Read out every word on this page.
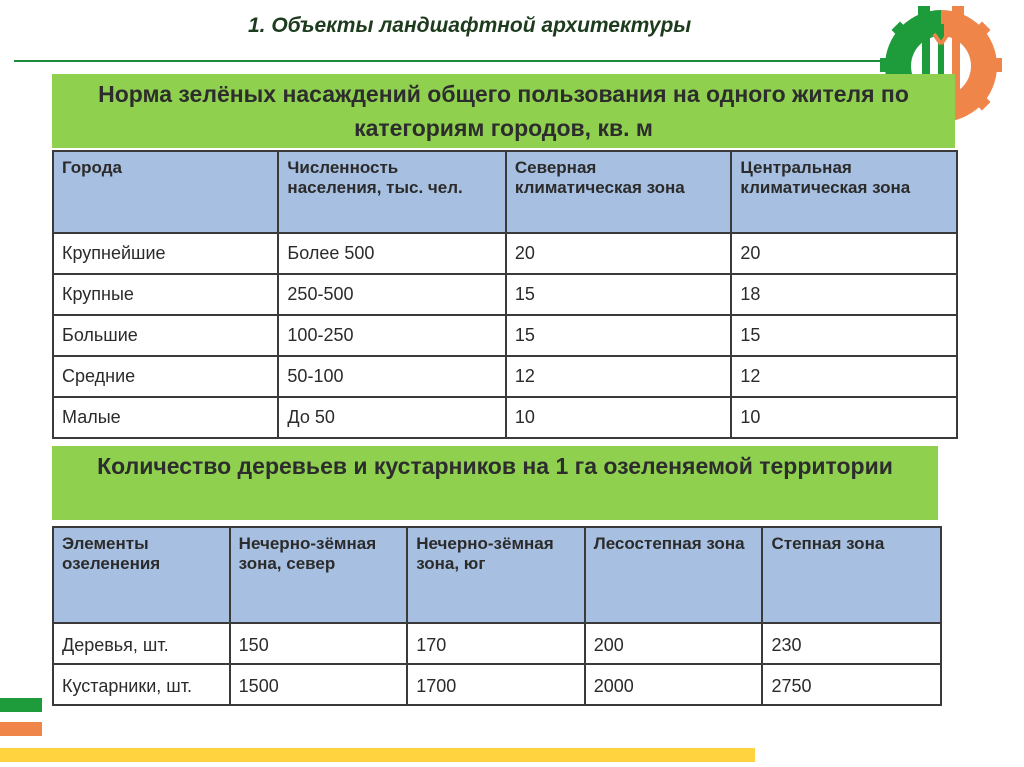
1. Объекты ландшафтной архитектуры
Норма зелёных насаждений общего пользования на одного жителя по категориям городов, кв. м
Города	Численность населения, тыс. чел.	Северная климатическая зона	Центральная климатическая зона
Крупнейшие	Более 500	20	20
Крупные	250-500	15	18
Большие	100-250	15	15
Средние	50-100	12	12
Малые	До 50	10	10
Количество деревьев и кустарников на 1 га озеленяемой территории
Элементы озеленения	Нечерно-зёмная зона, север	Нечерно-зёмная зона, юг	Лесостепная зона	Степная зона
Деревья, шт.	150	170	200	230
Кустарники, шт.	1500	1700	2000	2750
